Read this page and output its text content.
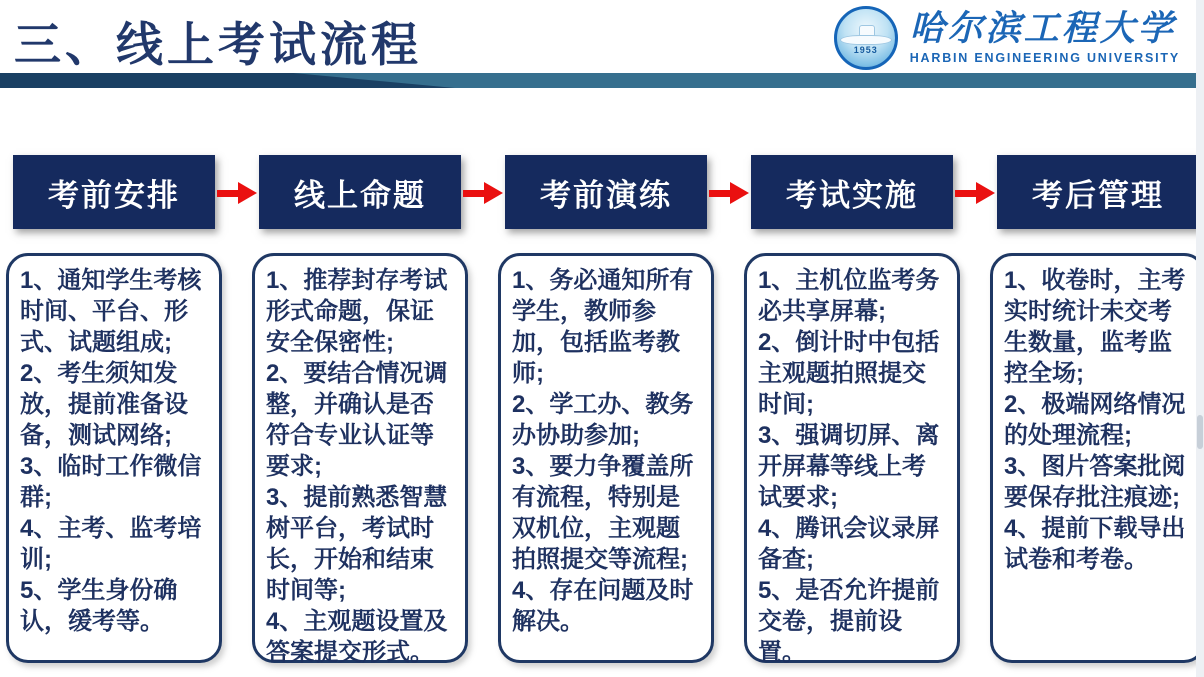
三、线上考试流程	1953
哈尔滨工程大学
HARBIN ENGINEERING UNIVERSITY
考前安排

1、通知学生考核时间、平台、形式、试题组成;

2、考生须知发放，提前准备设备，测试网络;

3、临时工作微信群;

4、主考、监考培训;

5、学生身份确认，缓考等。

线上命题

1、推荐封存考试形式命题，保证安全保密性;

2、要结合情况调整，并确认是否符合专业认证等要求;

3、提前熟悉智慧树平台，考试时长，开始和结束时间等;

4、主观题设置及答案提交形式。

考前演练

1、务必通知所有学生，教师参加，包括监考教师;

2、学工办、教务办协助参加;

3、要力争覆盖所有流程，特别是双机位，主观题拍照提交等流程;

4、存在问题及时解决。

考试实施

1、主机位监考务必共享屏幕;

2、倒计时中包括主观题拍照提交时间;

3、强调切屏、离开屏幕等线上考试要求;

4、腾讯会议录屏备查;

5、是否允许提前交卷，提前设置。

考后管理

1、收卷时，主考实时统计未交考生数量，监考监控全场;

2、极端网络情况的处理流程;

3、图片答案批阅要保存批注痕迹;

4、提前下载导出试卷和考卷。
